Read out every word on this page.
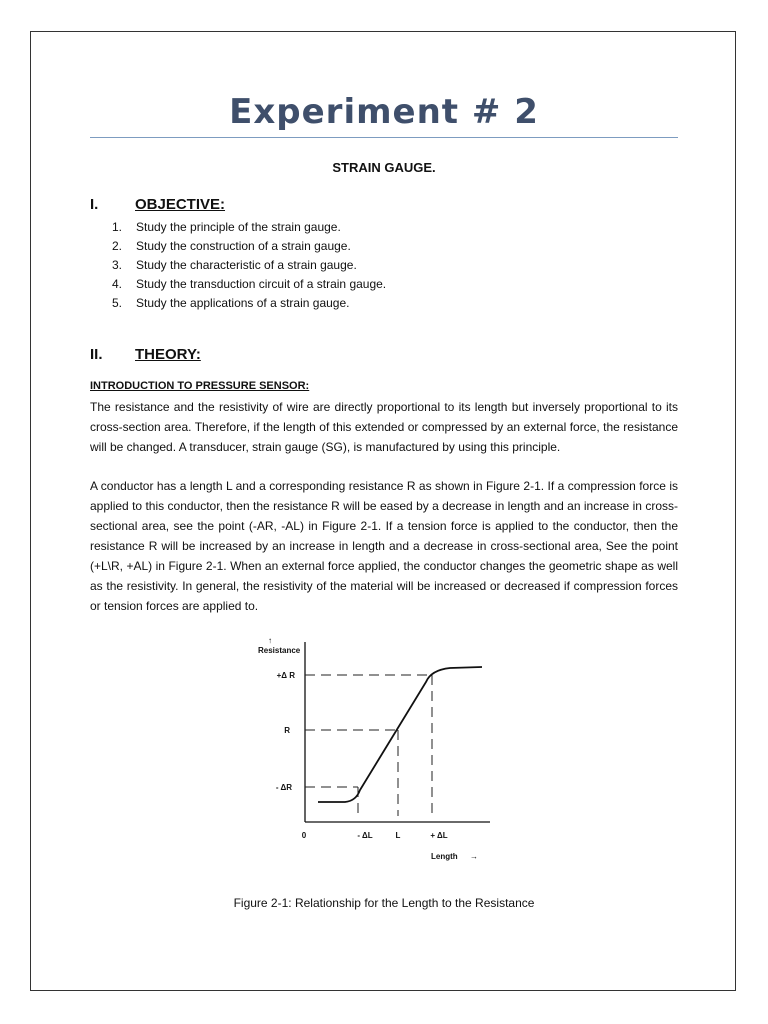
Experiment # 2
STRAIN GAUGE.
I. OBJECTIVE:
1. Study the principle of the strain gauge.
2. Study the construction of a strain gauge.
3. Study the characteristic of a strain gauge.
4. Study the transduction circuit of a strain gauge.
5. Study the applications of a strain gauge.
II. THEORY:
INTRODUCTION TO PRESSURE SENSOR:

The resistance and the resistivity of wire are directly proportional to its length but inversely proportional to its cross-section area. Therefore, if the length of this extended or compressed by an external force, the resistance will be changed. A transducer, strain gauge (SG), is manufactured by using this principle.

A conductor has a length L and a corresponding resistance R as shown in Figure 2-1. If a compression force is applied to this conductor, then the resistance R will be eased by a decrease in length and an increase in cross-sectional area, see the point (-AR, -AL) in Figure 2-1. If a tension force is applied to the conductor, then the resistance R will be increased by an increase in length and a decrease in cross-sectional area, See the point (+L\R, +AL) in Figure 2-1. When an external force applied, the conductor changes the geometric shape as well as the resistivity. In general, the resistivity of the material will be increased or decreased if compression forces or tension forces are applied to.

↑
Resistance
+Δ R
R
- ΔR
0	- ΔL	L	+ ΔL
Length →
Figure 2-1: Relationship for the Length to the Resistance
